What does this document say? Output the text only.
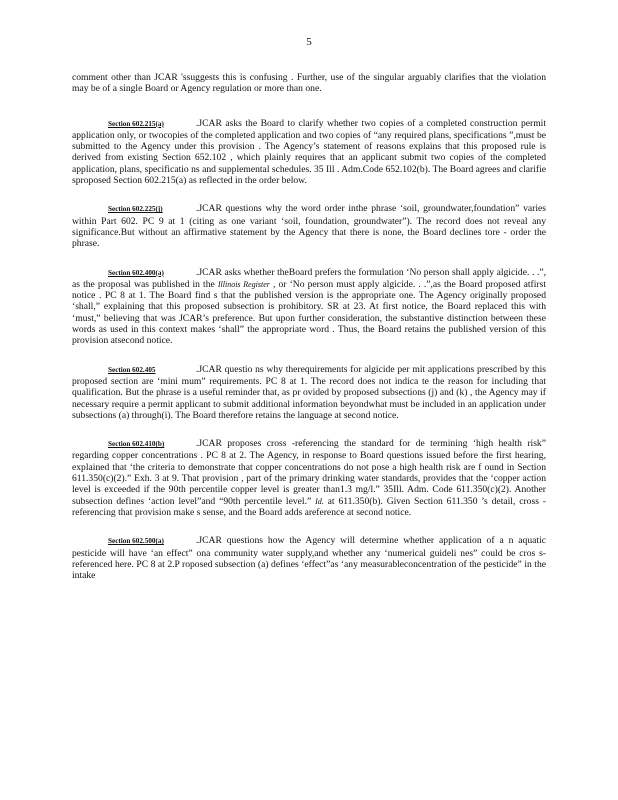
5

comment other than JCAR 'ssuggests this is confusing . Further, use of the singular arguably clarifies that the violation may be of a single Board or Agency regulation or more than one.

Section 602.215(a)	.JCAR asks the Board to clarify whether two copies of a completed construction permit application only, or twocopies of the completed application and two copies of “any required plans, specifications ”,must be submitted to the Agency under this provision . The Agency’s statement of reasons explains that this proposed rule is derived from existing Section 652.102 , which plainly requires that an applicant submit two copies of the completed application, plans, specificatio ns and supplemental schedules. 35 Ill . Adm.Code 652.102(b). The Board agrees and clarifie sproposed Section 602.215(a) as reflected in the order below.

Section 602.225(j)	.JCAR questions why the word order inthe phrase ‘soil, groundwater,foundation” varies within Part 602. PC 9 at 1 (citing as one variant ‘soil, foundation, groundwater”). The record does not reveal any significance.But without an affirmative statement by the Agency that there is none, the Board declines tore - order the phrase.

Section 602.400(a)	.JCAR asks whether theBoard prefers the formulation ‘No person shall apply algicide. . .”, as the proposal was published in the Illinois Register , or ‘No person must apply algicide. . .”,as the Board proposed atfirst notice . PC 8 at 1. The Board find s that the published version is the appropriate one. The Agency originally proposed ‘shall,” explaining that this proposed subsection is prohibitory. SR at 23. At first notice, the Board replaced this with ‘must,” believing that was JCAR’s preference. But upon further consideration, the substantive distinction between these words as used in this context makes ‘shall” the appropriate word . Thus, the Board retains the published version of this provision atsecond notice.

Section 602.405	.JCAR questio ns why therequirements for algicide per mit applications prescribed by this proposed section are ‘mini mum” requirements. PC 8 at 1. The record does not indica te the reason for including that qualification. But the phrase is a useful reminder that, as pr ovided by proposed subsections (j) and (k) , the Agency may if necessary require a permit applicant to submit additional information beyondwhat must be included in an application under subsections (a) through(i). The Board therefore retains the language at second notice.

Section 602.410(b)	.JCAR proposes cross -referencing the standard for de termining ‘high health risk” regarding copper concentrations . PC 8 at 2. The Agency, in response to Board questions issued before the first hearing, explained that ‘the criteria to demonstrate that copper concentrations do not pose a high health risk are f ound in Section 611.350(c)(2).” Exh. 3 at 9. That provision , part of the primary drinking water standards, provides that the ‘copper action level is exceeded if the 90th percentile copper level is greater than1.3 mg/l.” 35Ill. Adm. Code 611.350(c)(2). Another subsection defines ‘action level”and “90th percentile level.” Id. at 611.350(b). Given Section 611.350 ’s detail, cross -referencing that provision make s sense, and the Board adds areference at second notice.

Section 602.500(a)	.JCAR questions how the Agency will determine whether application of a n aquatic pesticide will have ‘an effect” ona community water supply,and whether any ‘numerical guideli nes” could be cros s-referenced here. PC 8 at 2.P roposed subsection (a) defines ‘effect”as ‘any measurableconcentration of the pesticide” in the intake
